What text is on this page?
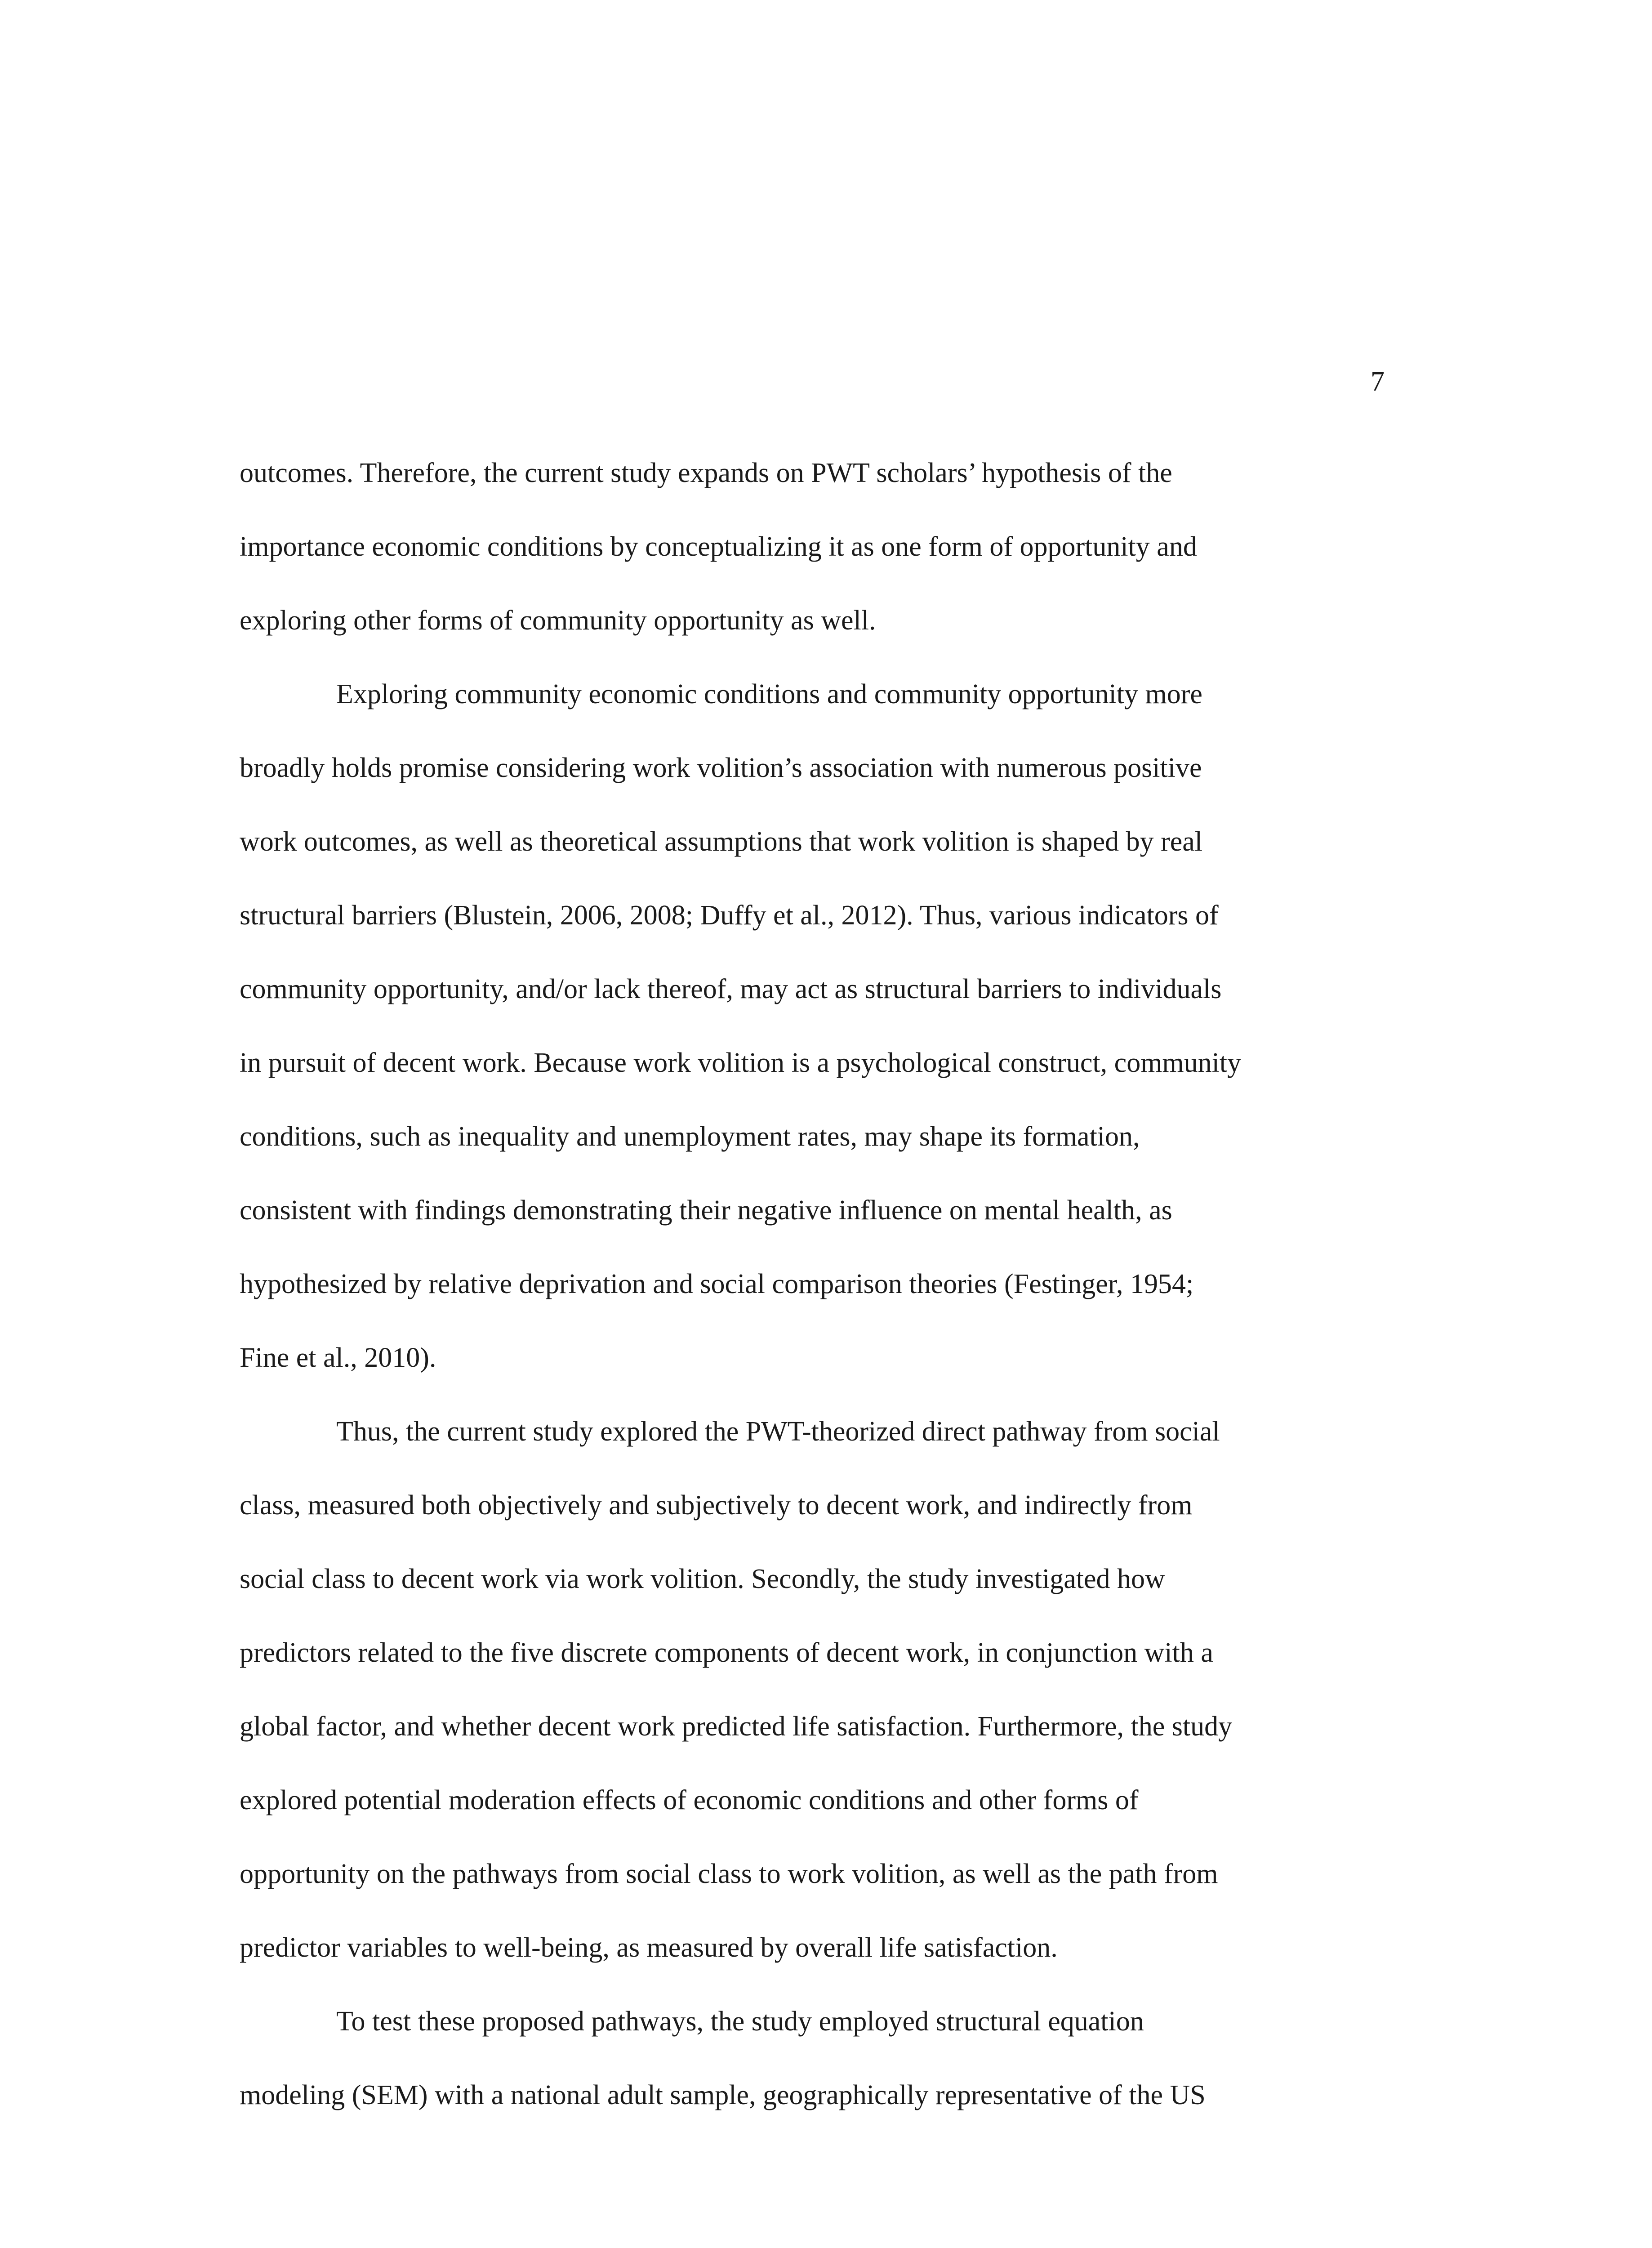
7
outcomes. Therefore, the current study expands on PWT scholars’ hypothesis of the
importance economic conditions by conceptualizing it as one form of opportunity and
exploring other forms of community opportunity as well.
Exploring community economic conditions and community opportunity more
broadly holds promise considering work volition’s association with numerous positive
work outcomes, as well as theoretical assumptions that work volition is shaped by real
structural barriers (Blustein, 2006, 2008; Duffy et al., 2012). Thus, various indicators of
community opportunity, and/or lack thereof, may act as structural barriers to individuals
in pursuit of decent work. Because work volition is a psychological construct, community
conditions, such as inequality and unemployment rates, may shape its formation,
consistent with findings demonstrating their negative influence on mental health, as
hypothesized by relative deprivation and social comparison theories (Festinger, 1954;
Fine et al., 2010).
Thus, the current study explored the PWT-theorized direct pathway from social
class, measured both objectively and subjectively to decent work, and indirectly from
social class to decent work via work volition. Secondly, the study investigated how
predictors related to the five discrete components of decent work, in conjunction with a
global factor, and whether decent work predicted life satisfaction. Furthermore, the study
explored potential moderation effects of economic conditions and other forms of
opportunity on the pathways from social class to work volition, as well as the path from
predictor variables to well-being, as measured by overall life satisfaction.
To test these proposed pathways, the study employed structural equation
modeling (SEM) with a national adult sample, geographically representative of the US
